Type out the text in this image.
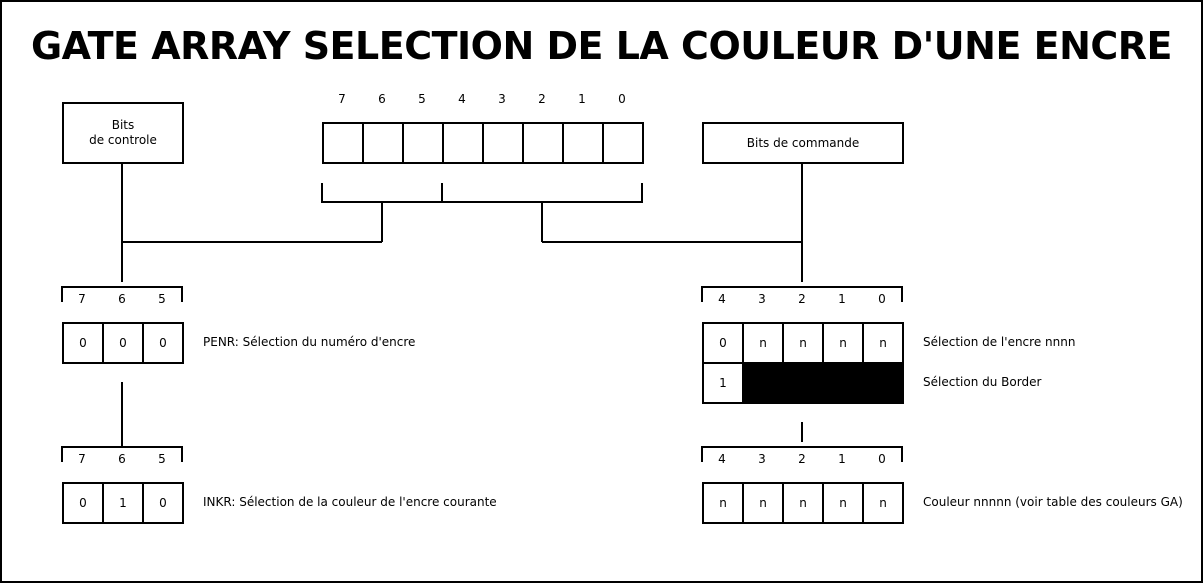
GATE ARRAY SELECTION DE LA COULEUR D'UNE ENCRE
7	6	5	4	3	2	1	0
Bits
de controle	Bits de commande
7	6	5
0	0	0	PENR: Sélection du numéro d'encre
7	6	5
0	1	0	INKR: Sélection de la couleur de l'encre courante
4	3	2	1	0
0	n	n	n	n	Sélection de l'encre nnnn
1	Sélection du Border
4	3	2	1	0
n	n	n	n	n	Couleur nnnnn (voir table des couleurs GA)
